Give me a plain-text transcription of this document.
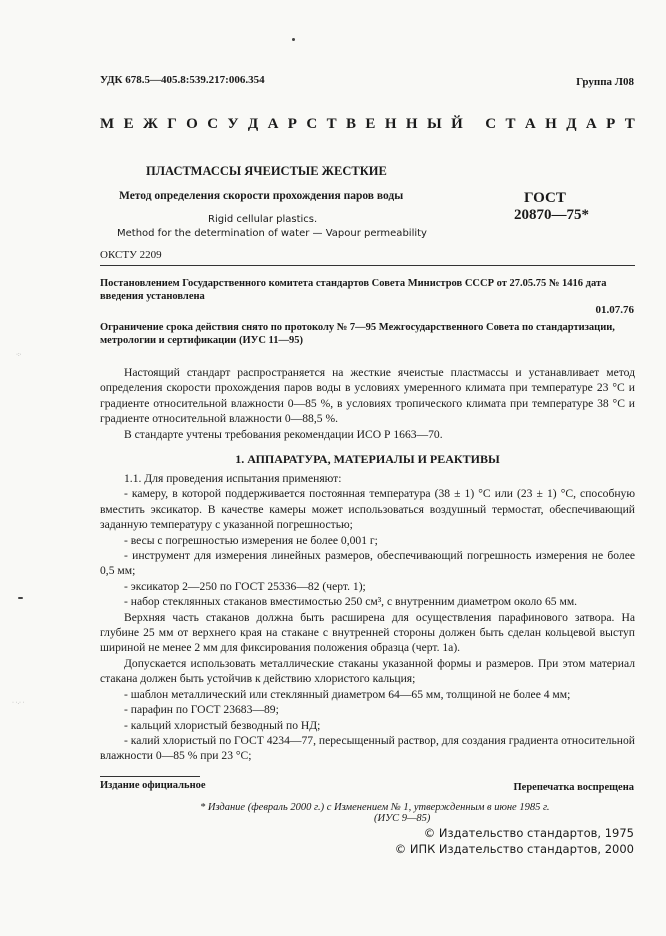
УДК 678.5—405.8:539.217:006.354	Группа Л08
М Е Ж Г О С У Д А Р С Т В Е Н Н Ы Й
С Т А Н Д А Р Т
ПЛАСТМАССЫ ЯЧЕИСТЫЕ ЖЕСТКИЕ
Метод определения скорости прохождения паров воды	ГОСТ
20870—75*
Rigid cellular plastics.
Method for the determination of water — Vapour permeability
ОКСТУ 2209
Постановлением Государственного комитета стандартов Совета Министров СССР от 27.05.75 № 1416 дата введения установлена
01.07.76
Ограничение срока действия снято по протоколу № 7—95 Межгосударственного Совета по стандартизации, метрологии и сертификации (ИУС 11—95)

Настоящий стандарт распространяется на жесткие ячеистые пластмассы и устанавливает метод определения скорости прохождения паров воды в условиях умеренного климата при температуре 23 °С и градиенте относительной влажности 0—85 %, в условиях тропического климата при температуре 38 °С и градиенте относительной влажности 0—88,5 %.

В стандарте учтены требования рекомендации ИСО Р 1663—70.

1. АППАРАТУРА, МАТЕРИАЛЫ И РЕАКТИВЫ

1.1. Для проведения испытания применяют:

- камеру, в которой поддерживается постоянная температура (38 ± 1) °С или (23 ± 1) °С, способную вместить эксикатор. В качестве камеры может использоваться воздушный термостат, обеспечивающий заданную температуру с указанной погрешностью;

- весы с погрешностью измерения не более 0,001 г;

- инструмент для измерения линейных размеров, обеспечивающий погрешность измерения не более 0,5 мм;

- эксикатор 2—250 по ГОСТ 25336—82 (черт. 1);

- набор стеклянных стаканов вместимостью 250 см³, с внутренним диаметром около 65 мм.

Верхняя часть стаканов должна быть расширена для осуществления парафинового затвора. На глубине 25 мм от верхнего края на стакане с внутренней стороны должен быть сделан кольцевой выступ шириной не менее 2 мм для фиксирования положения образца (черт. 1а).

Допускается использовать металлические стаканы указанной формы и размеров. При этом материал стакана должен быть устойчив к действию хлористого кальция;

- шаблон металлический или стеклянный диаметром 64—65 мм, толщиной не более 4 мм;

- парафин по ГОСТ 23683—89;

- кальций хлористый безводный по НД;

- калий хлористый по ГОСТ 4234—77, пересыщенный раствор, для создания градиента относительной влажности 0—85 % при 23 °С;

·:·
· ·.· ·
Издание официальное	Перепечатка воспрещена
* Издание (февраль 2000 г.) с Изменением № 1, утвержденным в июне 1985 г.
(ИУС 9—85)
© Издательство стандартов, 1975
© ИПК Издательство стандартов, 2000
